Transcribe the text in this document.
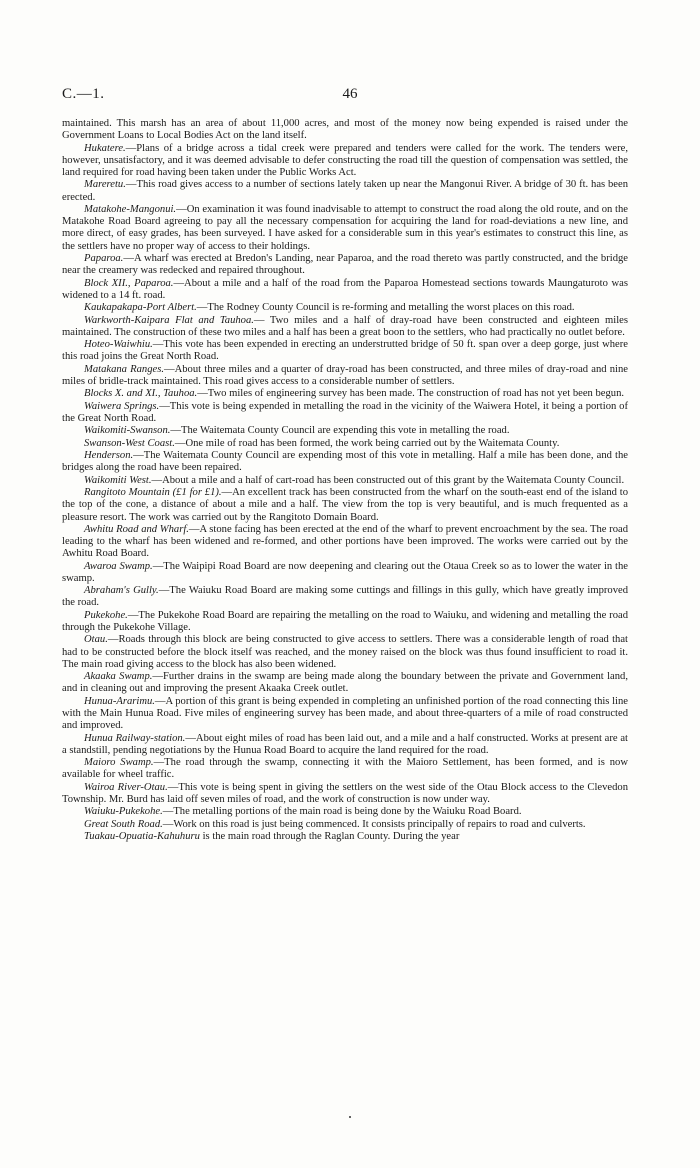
C.—1.	46

maintained. This marsh has an area of about 11,000 acres, and most of the money now being expended is raised under the Government Loans to Local Bodies Act on the land itself.

Hukatere.—Plans of a bridge across a tidal creek were prepared and tenders were called for the work. The tenders were, however, unsatisfactory, and it was deemed advisable to defer constructing the road till the question of compensation was settled, the land required for road having been taken under the Public Works Act.

Mareretu.—This road gives access to a number of sections lately taken up near the Mangonui River. A bridge of 30 ft. has been erected.

Matakohe-Mangonui.—On examination it was found inadvisable to attempt to construct the road along the old route, and on the Matakohe Road Board agreeing to pay all the necessary compensation for acquiring the land for road-deviations a new line, and more direct, of easy grades, has been surveyed. I have asked for a considerable sum in this year's estimates to construct this line, as the settlers have no proper way of access to their holdings.

Paparoa.—A wharf was erected at Bredon's Landing, near Paparoa, and the road thereto was partly constructed, and the bridge near the creamery was redecked and repaired throughout.

Block XII., Paparoa.—About a mile and a half of the road from the Paparoa Homestead sections towards Maungaturoto was widened to a 14 ft. road.

Kaukapakapa-Port Albert.—The Rodney County Council is re-forming and metalling the worst places on this road.

Warkworth-Kaipara Flat and Tauhoa.— Two miles and a half of dray-road have been constructed and eighteen miles maintained. The construction of these two miles and a half has been a great boon to the settlers, who had practically no outlet before.

Hoteo-Waiwhiu.—This vote has been expended in erecting an understrutted bridge of 50 ft. span over a deep gorge, just where this road joins the Great North Road.

Matakana Ranges.—About three miles and a quarter of dray-road has been constructed, and three miles of dray-road and nine miles of bridle-track maintained. This road gives access to a considerable number of settlers.

Blocks X. and XI., Tauhoa.—Two miles of engineering survey has been made. The construction of road has not yet been begun.

Waiwera Springs.—This vote is being expended in metalling the road in the vicinity of the Waiwera Hotel, it being a portion of the Great North Road.

Waikomiti-Swanson.—The Waitemata County Council are expending this vote in metalling the road.

Swanson-West Coast.—One mile of road has been formed, the work being carried out by the Waitemata County.

Henderson.—The Waitemata County Council are expending most of this vote in metalling. Half a mile has been done, and the bridges along the road have been repaired.

Waikomiti West.—About a mile and a half of cart-road has been constructed out of this grant by the Waitemata County Council.

Rangitoto Mountain (£1 for £1).—An excellent track has been constructed from the wharf on the south-east end of the island to the top of the cone, a distance of about a mile and a half. The view from the top is very beautiful, and is much frequented as a pleasure resort. The work was carried out by the Rangitoto Domain Board.

Awhitu Road and Wharf.—A stone facing has been erected at the end of the wharf to prevent encroachment by the sea. The road leading to the wharf has been widened and re-formed, and other portions have been improved. The works were carried out by the Awhitu Road Board.

Awaroa Swamp.—The Waipipi Road Board are now deepening and clearing out the Otaua Creek so as to lower the water in the swamp.

Abraham's Gully.—The Waiuku Road Board are making some cuttings and fillings in this gully, which have greatly improved the road.

Pukekohe.—The Pukekohe Road Board are repairing the metalling on the road to Waiuku, and widening and metalling the road through the Pukekohe Village.

Otau.—Roads through this block are being constructed to give access to settlers. There was a considerable length of road that had to be constructed before the block itself was reached, and the money raised on the block was thus found insufficient to road it. The main road giving access to the block has also been widened.

Akaaka Swamp.—Further drains in the swamp are being made along the boundary between the private and Government land, and in cleaning out and improving the present Akaaka Creek outlet.

Hunua-Ararimu.—A portion of this grant is being expended in completing an unfinished portion of the road connecting this line with the Main Hunua Road. Five miles of engineering survey has been made, and about three-quarters of a mile of road constructed and improved.

Hunua Railway-station.—About eight miles of road has been laid out, and a mile and a half constructed. Works at present are at a standstill, pending negotiations by the Hunua Road Board to acquire the land required for the road.

Maioro Swamp.—The road through the swamp, connecting it with the Maioro Settlement, has been formed, and is now available for wheel traffic.

Wairoa River-Otau.—This vote is being spent in giving the settlers on the west side of the Otau Block access to the Clevedon Township. Mr. Burd has laid off seven miles of road, and the work of construction is now under way.

Waiuku-Pukekohe.—The metalling portions of the main road is being done by the Waiuku Road Board.

Great South Road.—Work on this road is just being commenced. It consists principally of repairs to road and culverts.

Tuakau-Opuatia-Kahuhuru is the main road through the Raglan County. During the year
